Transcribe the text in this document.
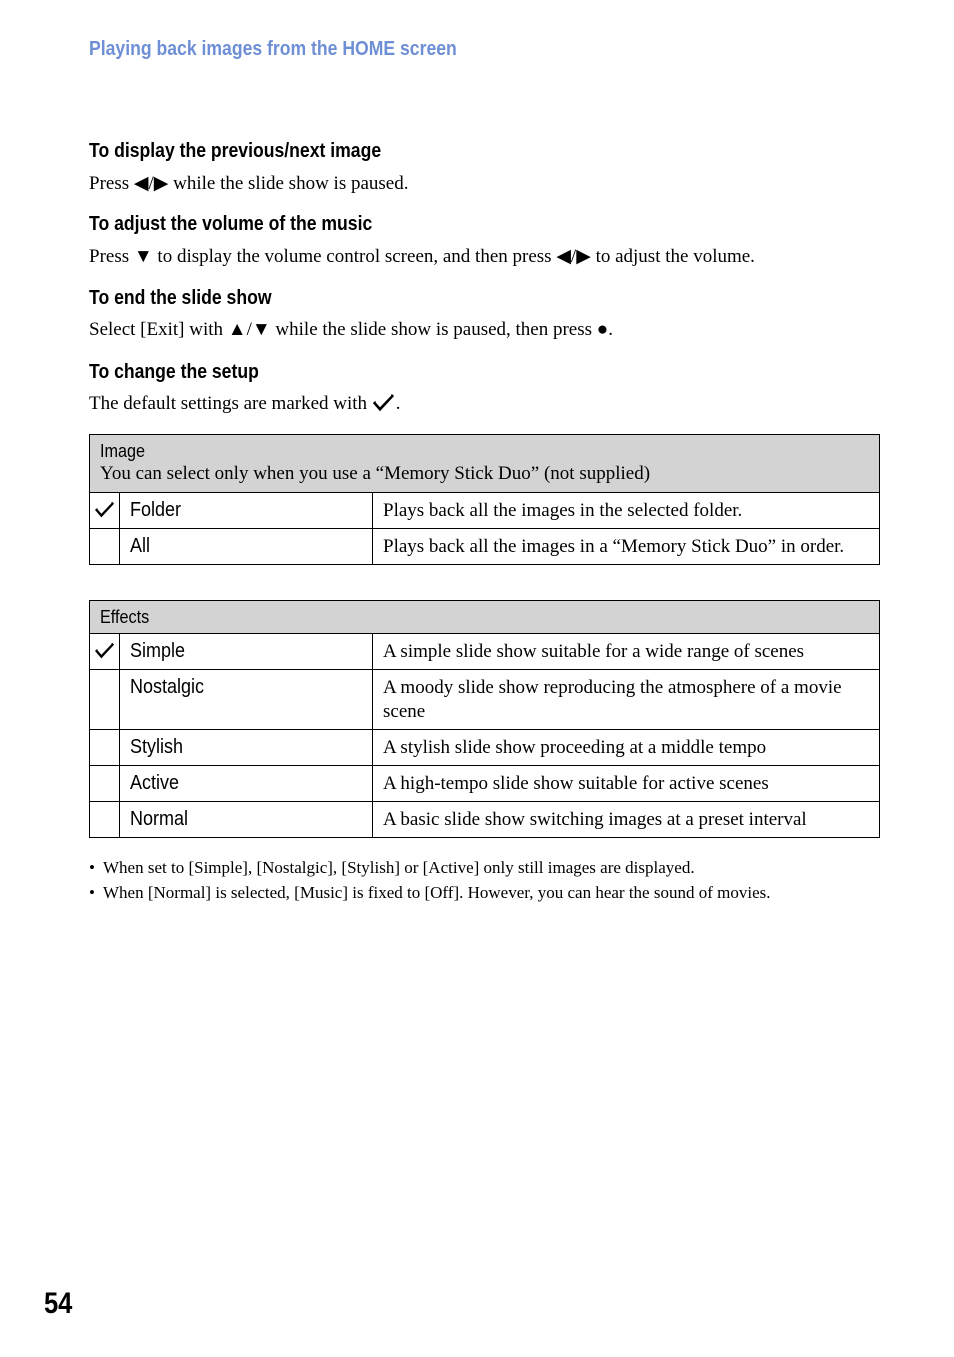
Playing back images from the HOME screen
To display the previous/next image
Press ◀/▶ while the slide show is paused.
To adjust the volume of the music
Press ▼ to display the volume control screen, and then press ◀/▶ to adjust the volume.
To end the slide show
Select [Exit] with ▲/▼ while the slide show is paused, then press ●.
To change the setup
The default settings are marked with .
Image
You can select only when you use a “Memory Stick Duo” (not supplied)		

	Folder	Plays back all the images in the selected folder.
	All	Plays back all the images in a “Memory Stick Duo” in order.
Effects		
	Simple	A simple slide show suitable for a wide range of scenes
	Nostalgic	A moody slide show reproducing the atmosphere of a movie scene
	Stylish	A stylish slide show proceeding at a middle tempo
	Active	A high-tempo slide show suitable for active scenes
	Normal	A basic slide show switching images at a preset interval
• When set to [Simple], [Nostalgic], [Stylish] or [Active] only still images are displayed.
• When [Normal] is selected, [Music] is fixed to [Off]. However, you can hear the sound of movies.
54
